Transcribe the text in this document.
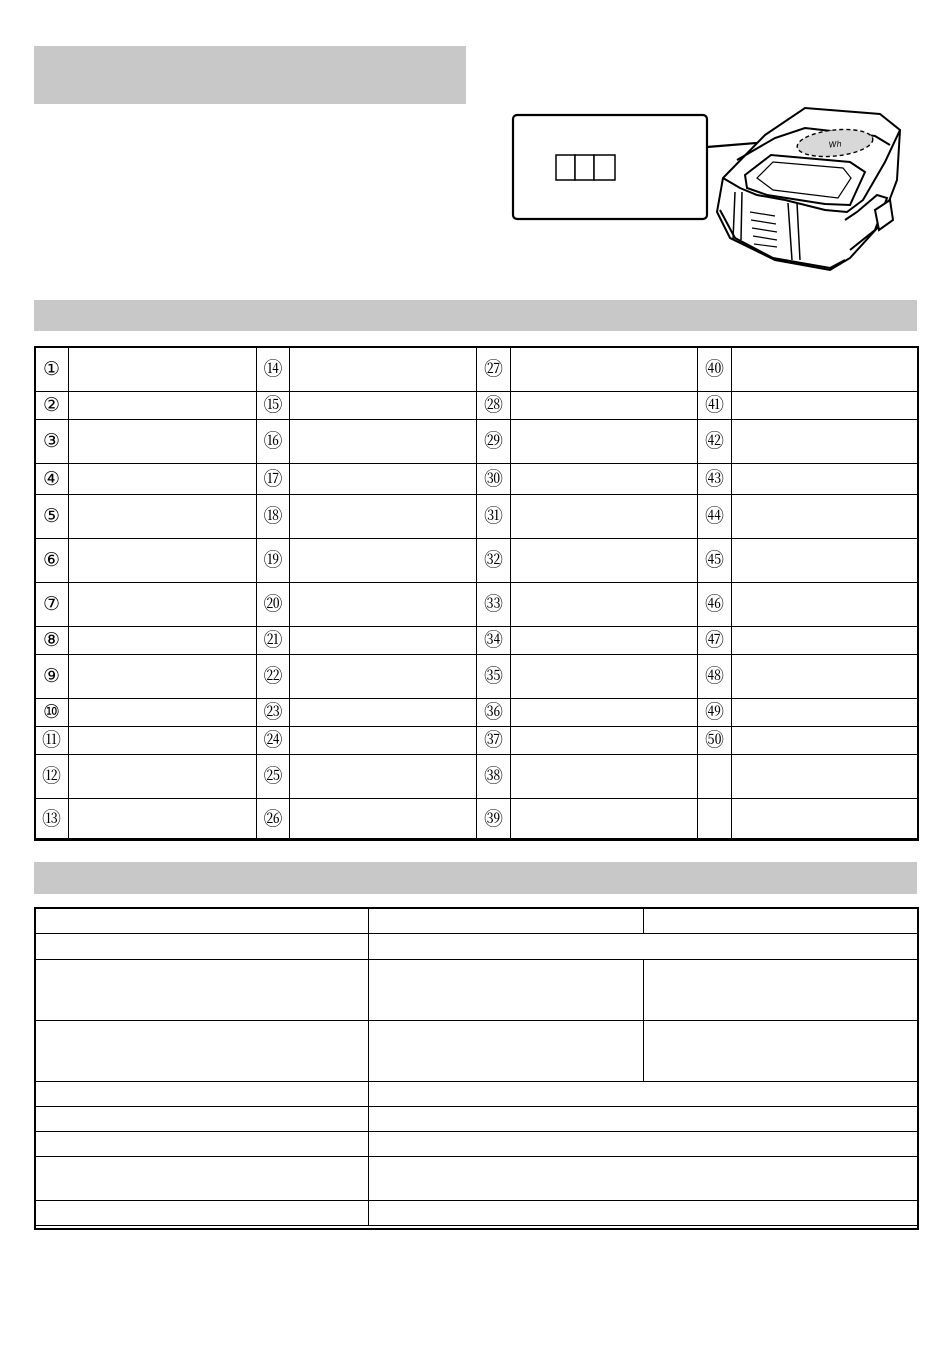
Wh
①		⑭		㉗		㊵	
②		⑮		㉘		㊶	
③		⑯		㉙		㊷	
④		⑰		㉚		㊸	
⑤		⑱		㉛		㊹	
⑥		⑲		㉜		㊺	
⑦		⑳		㉝		㊻	
⑧		㉑		㉞		㊼	
⑨		㉒		㉟		㊽	
⑩		㉓		㊱		㊾	
⑪		㉔		㊲		㊿	
⑫		㉕		㊳			
⑬		㉖		㊴			
